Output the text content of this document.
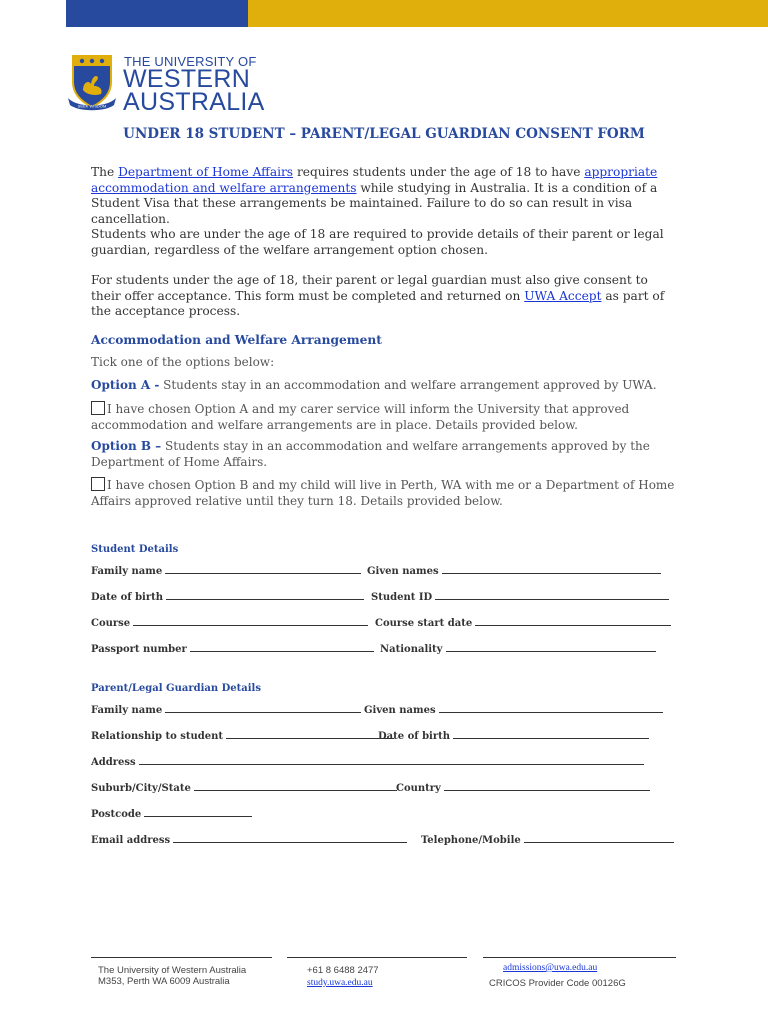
SEEK WISDOM
THE UNIVERSITY OF
WESTERN
AUSTRALIA
UNDER 18 STUDENT – PARENT/LEGAL GUARDIAN CONSENT FORM
The Department of Home Affairs requires students under the age of 18 to have appropriate accommodation and welfare arrangements while studying in Australia. It is a condition of a Student Visa that these arrangements be maintained. Failure to do so can result in visa cancellation.
Students who are under the age of 18 are required to provide details of their parent or legal guardian, regardless of the welfare arrangement option chosen.
For students under the age of 18, their parent or legal guardian must also give consent to their offer acceptance. This form must be completed and returned on UWA Accept as part of the acceptance process.
Accommodation and Welfare Arrangement
Tick one of the options below:
Option A - Students stay in an accommodation and welfare arrangement approved by UWA.
I have chosen Option A and my carer service will inform the University that approved accommodation and welfare arrangements are in place. Details provided below.
Option B – Students stay in an accommodation and welfare arrangements approved by the Department of Home Affairs.
I have chosen Option B and my child will live in Perth, WA with me or a Department of Home Affairs approved relative until they turn 18. Details provided below.
Student Details
Family name	Given names
Date of birth	Student ID
Course	Course start date
Passport number	Nationality
Parent/Legal Guardian Details
Family name	Given names
Relationship to student	Date of birth
Address
Suburb/City/State	Country
Postcode
Email address	Telephone/Mobile
The University of Western Australia
M353, Perth WA 6009 Australia
+61 8 6488 2477
study.uwa.edu.au
admissions@uwa.edu.au
CRICOS Provider Code 00126G
